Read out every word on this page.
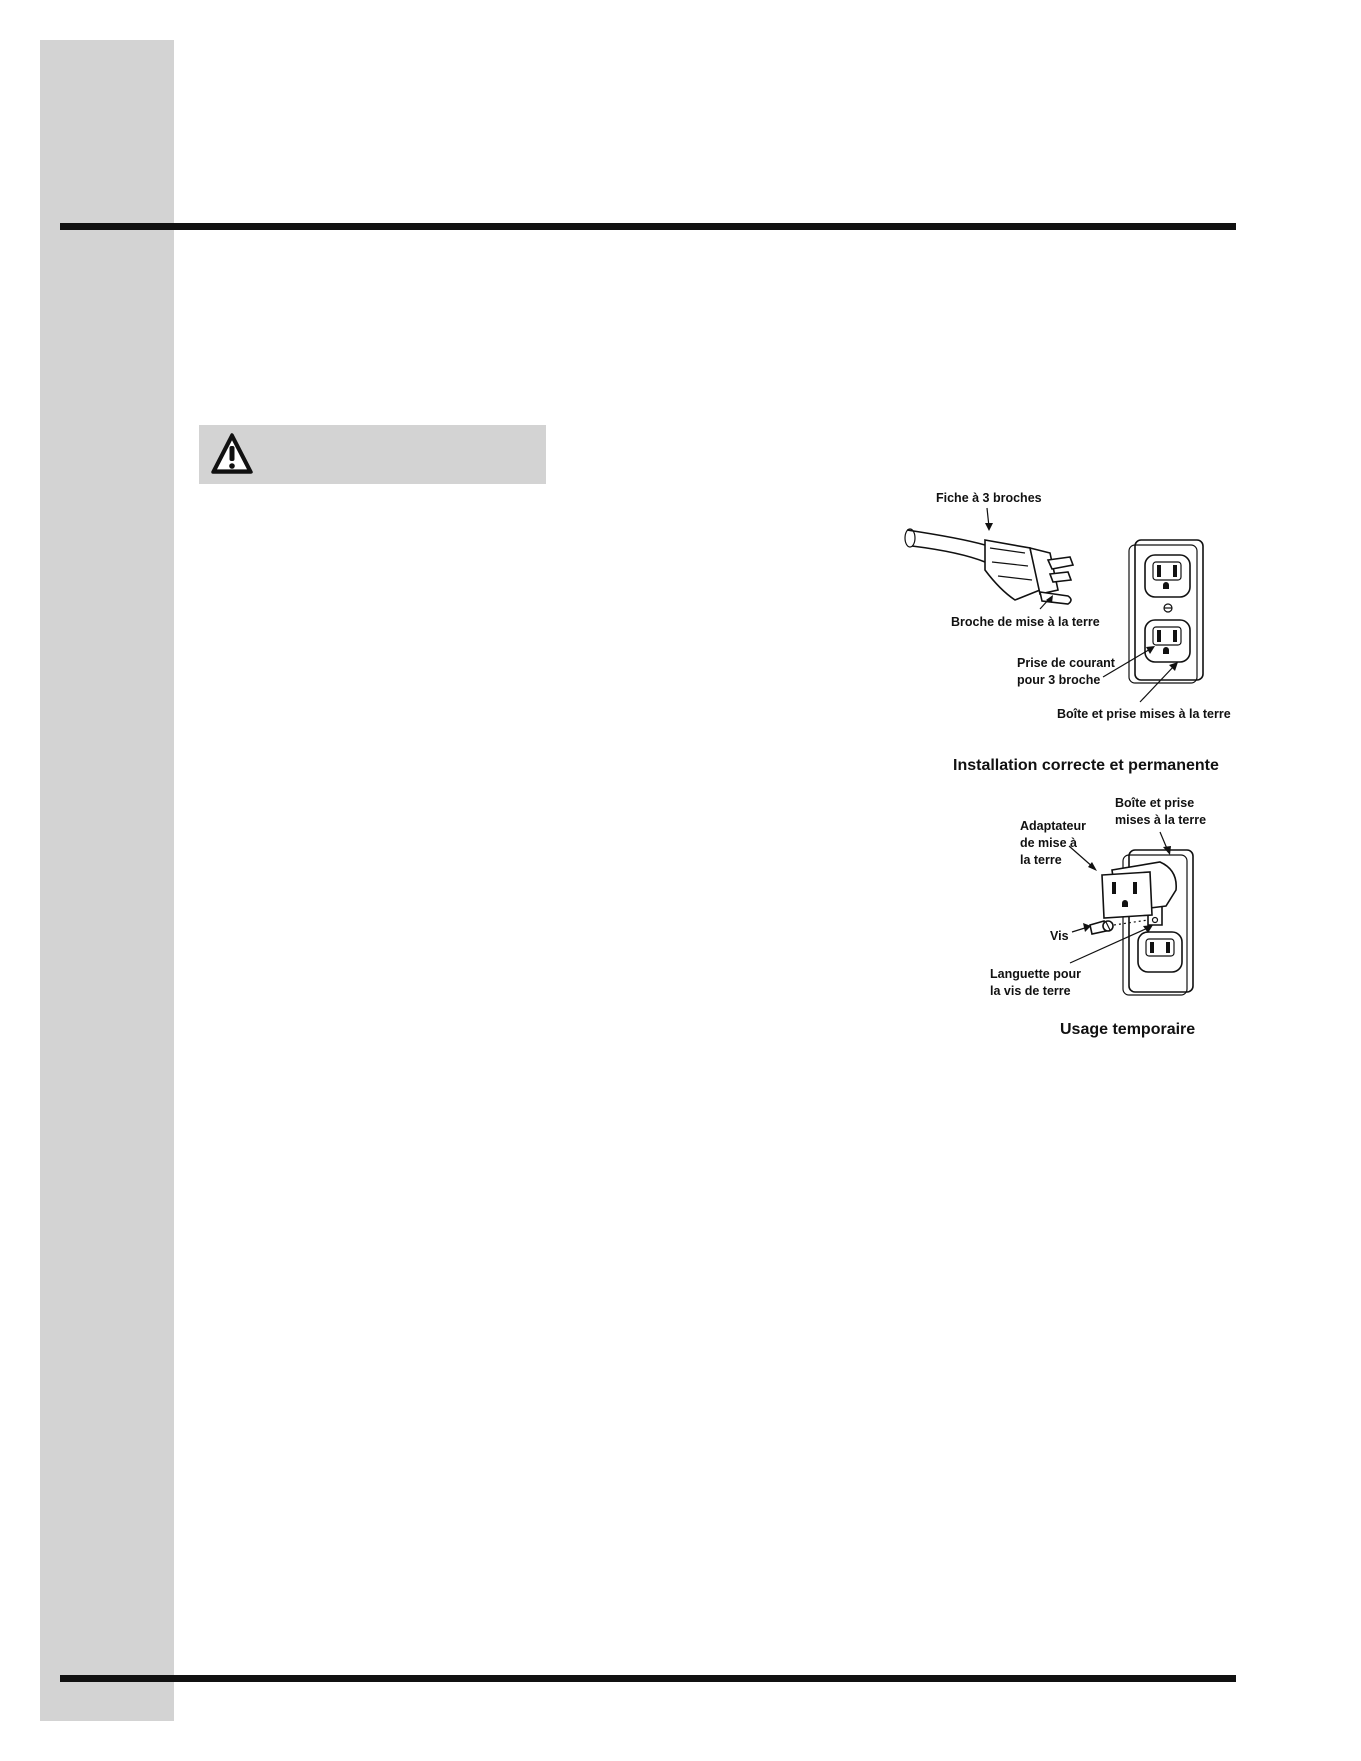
Fiche à 3 broches
Broche de mise à la terre
Prise de courant
pour 3 broche
Boîte et prise mises à la terre
Installation correcte et permanente
Boîte et prise
mises à la terre
Adaptateur
de mise à
la terre
Vis
Languette pour
la vis de terre
Usage temporaire
